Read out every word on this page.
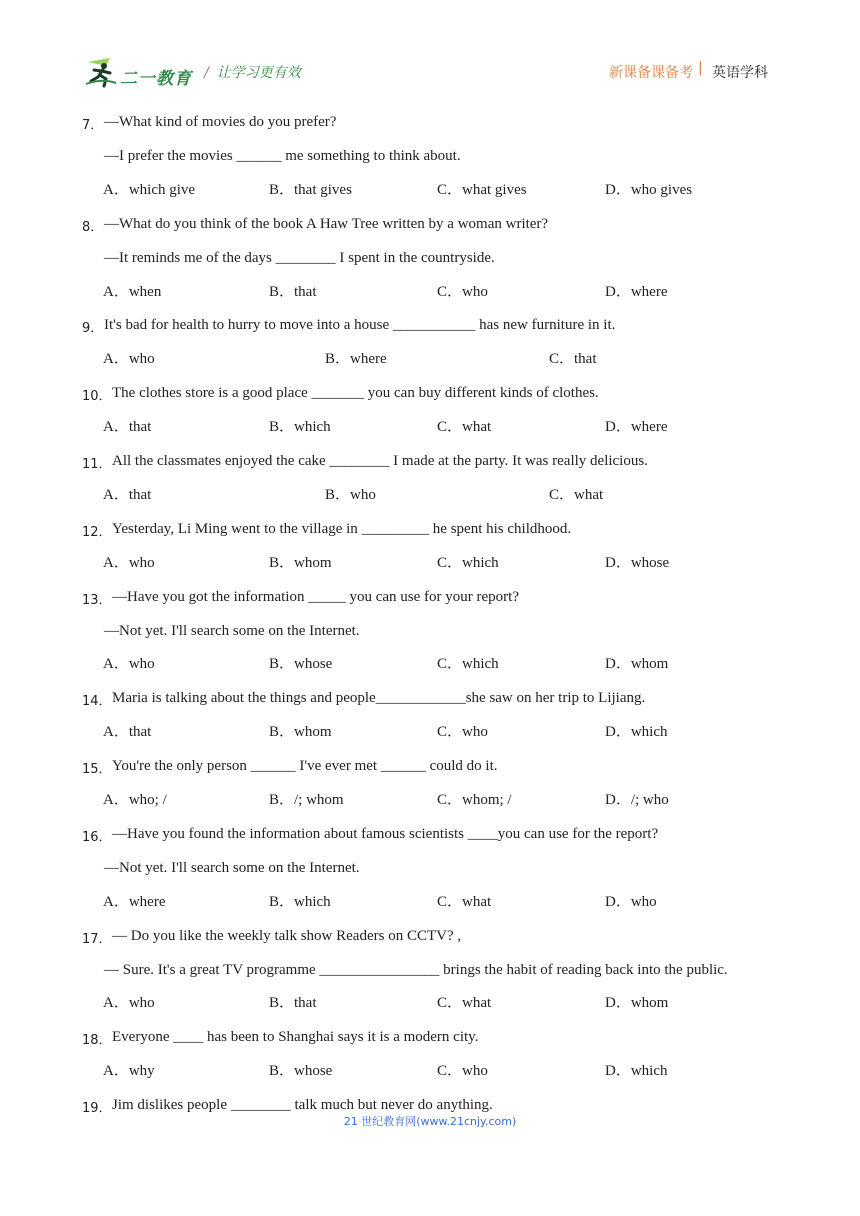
二一教育 / 让学习更有效	新课备课备考 | 英语学科
7． —What kind of movies do you prefer?
—I prefer the movies ______ me something to think about.
A．which give	B．that gives	C．what gives	D．who gives
8． —What do you think of the book A Haw Tree written by a woman writer?
—It reminds me of the days ________ I spent in the countryside.
A．when	B．that	C．who	D．where
9． It's bad for health to hurry to move into a house ___________ has new furniture in it.
A．who	B．where	C．that
10． The clothes store is a good place _______ you can buy different kinds of clothes.
A．that	B．which	C．what	D．where
11． All the classmates enjoyed the cake ________ I made at the party. It was really delicious.
A．that	B．who	C．what
12． Yesterday, Li Ming went to the village in _________ he spent his childhood.
A．who	B．whom	C．which	D．whose
13． —Have you got the information _____ you can use for your report?
—Not yet. I'll search some on the Internet.
A．who	B．whose	C．which	D．whom
14． Maria is talking about the things and people____________she saw on her trip to Lijiang.
A．that	B．whom	C．who	D．which
15． You're the only person ______ I've ever met ______ could do it.
A．who; /	B．/; whom	C．whom; /	D．/; who
16． —Have you found the information about famous scientists ____you can use for the report?
—Not yet. I'll search some on the Internet.
A．where	B．which	C．what	D．who
17． — Do you like the weekly talk show Readers on CCTV? ,
— Sure. It's a great TV programme ________________ brings the habit of reading back into the public.
A．who	B．that	C．what	D．whom
18． Everyone ____ has been to Shanghai says it is a modern city.
A．why	B．whose	C．who	D．which
19． Jim dislikes people ________ talk much but never do anything.
21 世纪教育网(www.21cnjy.com)
